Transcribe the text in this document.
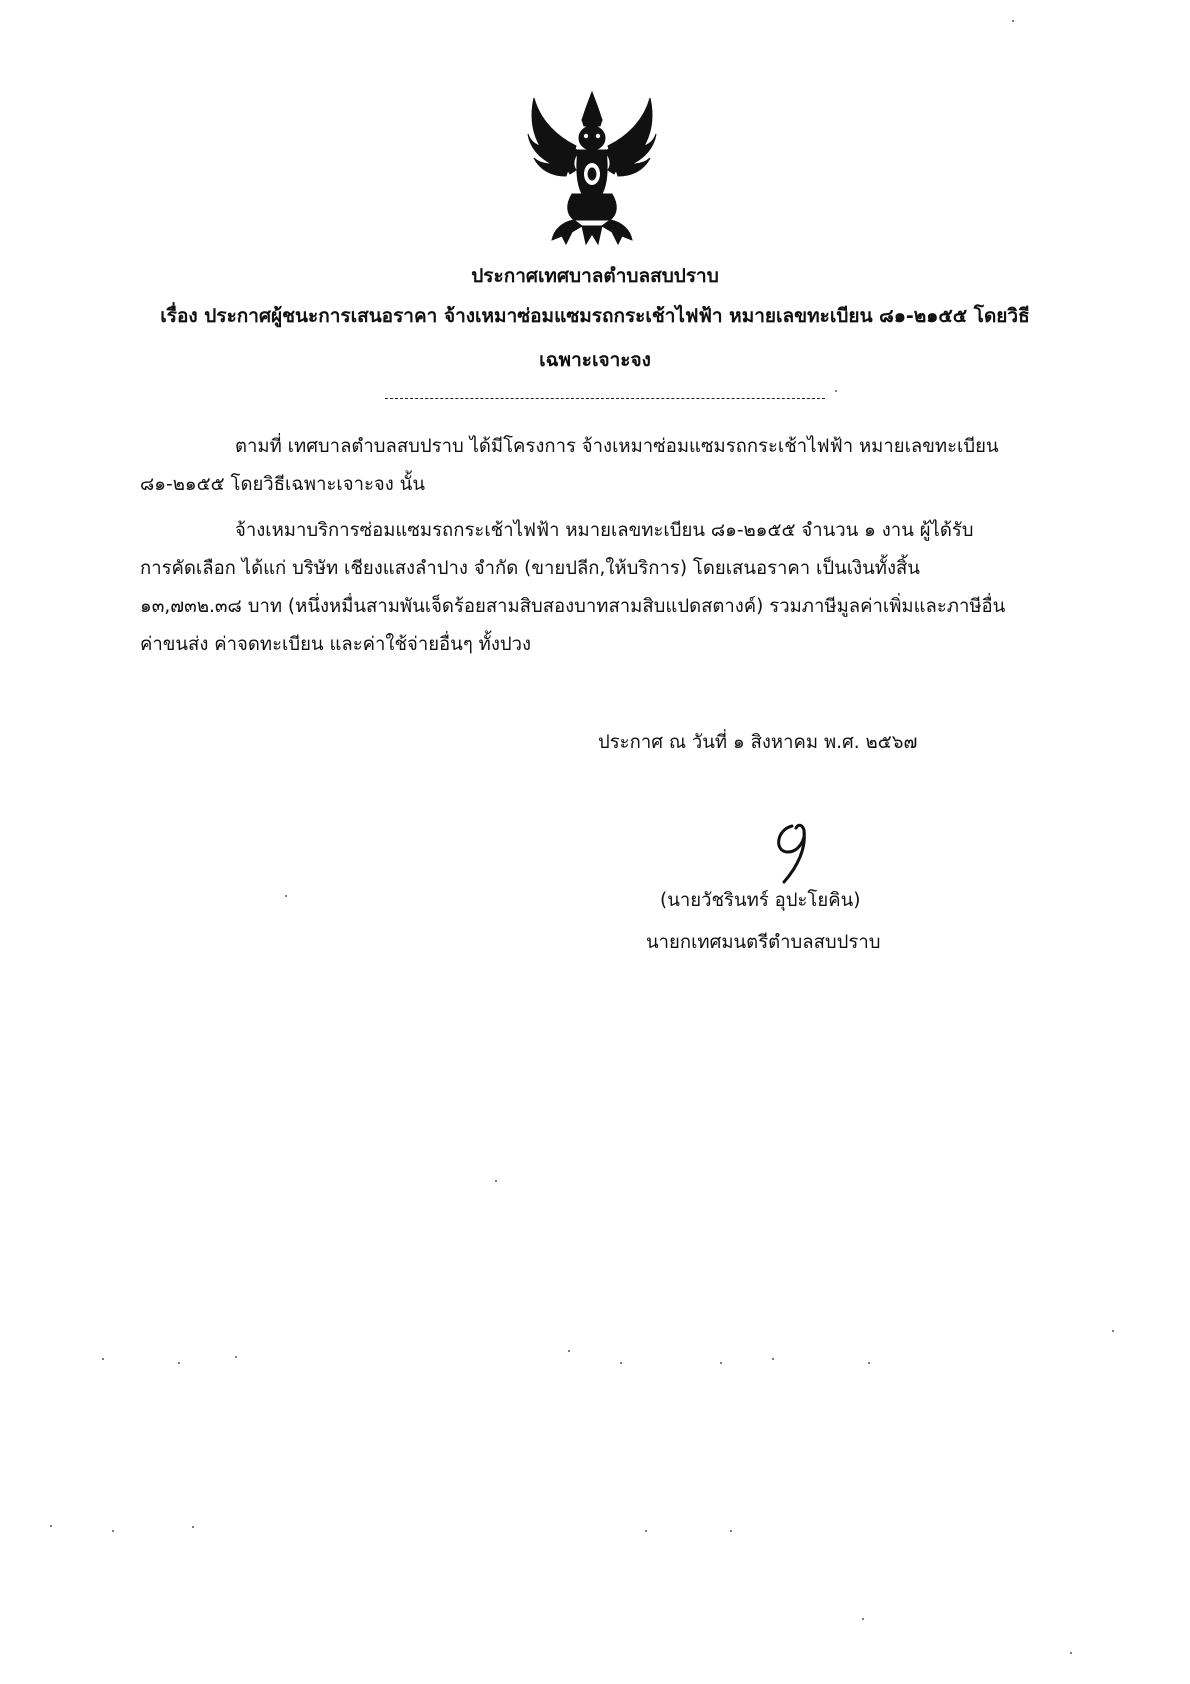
ประกาศเทศบาลตำบลสบปราบ
เรื่อง ประกาศผู้ชนะการเสนอราคา จ้างเหมาซ่อมแซมรถกระเช้าไฟฟ้า หมายเลขทะเบียน ๘๑-๒๑๕๕ โดยวิธี
เฉพาะเจาะจง
ตามที่ เทศบาลตำบลสบปราบ ได้มีโครงการ จ้างเหมาซ่อมแซมรถกระเช้าไฟฟ้า หมายเลขทะเบียน
๘๑-๒๑๕๕ โดยวิธีเฉพาะเจาะจง นั้น
จ้างเหมาบริการซ่อมแซมรถกระเช้าไฟฟ้า หมายเลขทะเบียน ๘๑-๒๑๕๕ จำนวน ๑ งาน ผู้ได้รับ
การคัดเลือก ได้แก่ บริษัท เชียงแสงลำปาง จำกัด (ขายปลีก,ให้บริการ) โดยเสนอราคา เป็นเงินทั้งสิ้น
๑๓,๗๓๒.๓๘ บาท (หนึ่งหมื่นสามพันเจ็ดร้อยสามสิบสองบาทสามสิบแปดสตางค์) รวมภาษีมูลค่าเพิ่มและภาษีอื่น
ค่าขนส่ง ค่าจดทะเบียน และค่าใช้จ่ายอื่นๆ ทั้งปวง
ประกาศ ณ วันที่ ๑ สิงหาคม พ.ศ. ๒๕๖๗
(นายวัชรินทร์ อุปะโยคิน)
นายกเทศมนตรีตำบลสบปราบ
